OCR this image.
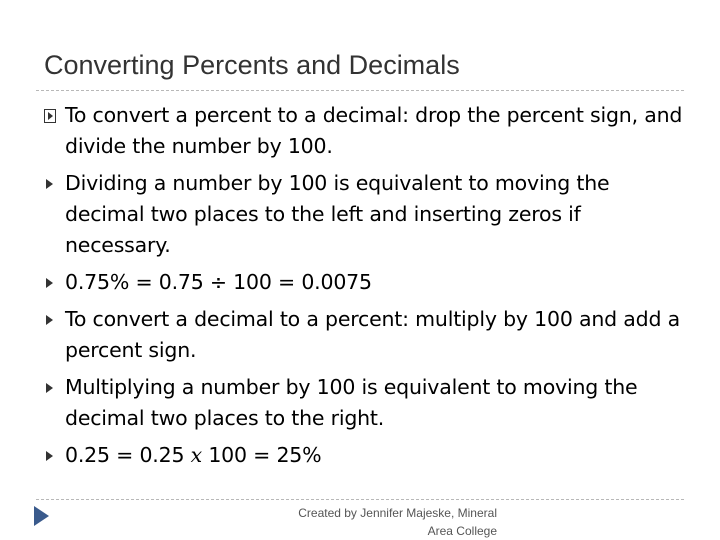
Converting Percents and Decimals
To convert a percent to a decimal: drop the percent sign, and divide the number by 100.
Dividing a number by 100 is equivalent to moving the decimal two places to the left and inserting zeros if necessary.
0.75% = 0.75 ÷ 100 = 0.0075
To convert a decimal to a percent: multiply by 100 and add a percent sign.
Multiplying a number by 100 is equivalent to moving the decimal two places to the right.
0.25 = 0.25 x 100 = 25%
Created by Jennifer Majeske, Mineral
Area College
